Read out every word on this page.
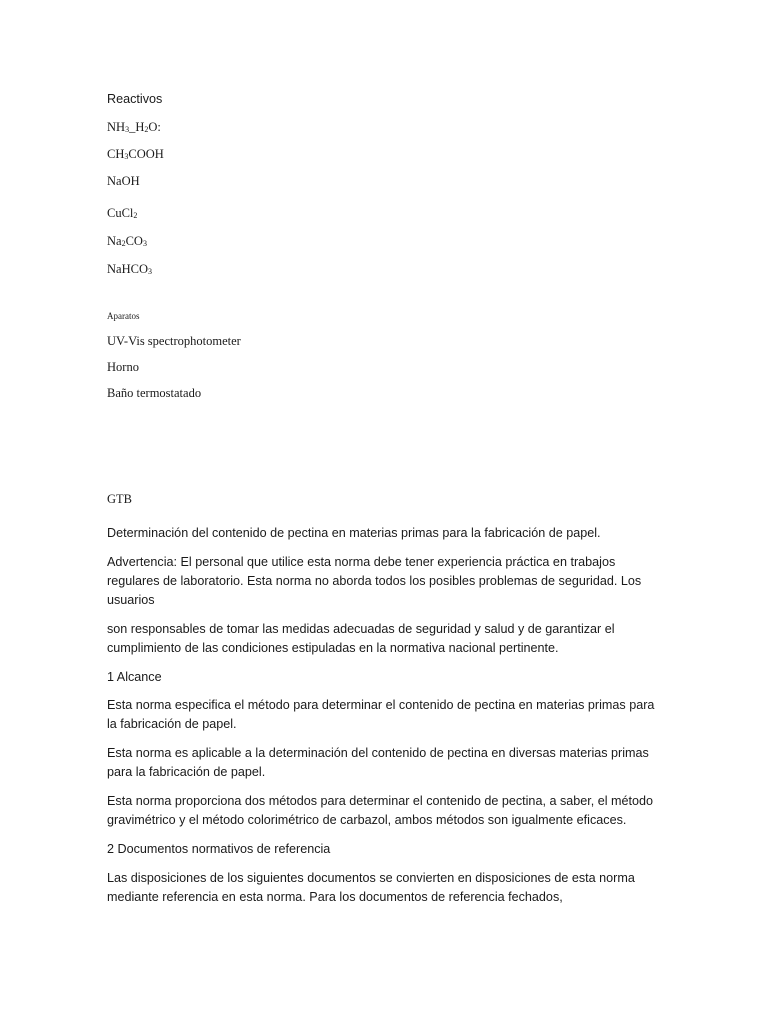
Reactivos

$NH_3\_H_2O$:

$CH_3COOH$

NaOH

CuCl$_2$

$Na_2CO_3$

NaHCO$_3$

Aparatos

UV-Vis spectrophotometer

Horno

Baño termostatado

GTB

Determinación del contenido de pectina en materias primas para la fabricación de papel.

Advertencia: El personal que utilice esta norma debe tener experiencia práctica en trabajos regulares de laboratorio. Esta norma no aborda todos los posibles problemas de seguridad. Los usuarios

son responsables de tomar las medidas adecuadas de seguridad y salud y de garantizar el cumplimiento de las condiciones estipuladas en la normativa nacional pertinente.

1 Alcance

Esta norma especifica el método para determinar el contenido de pectina en materias primas para la fabricación de papel.

Esta norma es aplicable a la determinación del contenido de pectina en diversas materias primas para la fabricación de papel.

Esta norma proporciona dos métodos para determinar el contenido de pectina, a saber, el método gravimétrico y el método colorimétrico de carbazol, ambos métodos son igualmente eficaces.

2 Documentos normativos de referencia

Las disposiciones de los siguientes documentos se convierten en disposiciones de esta norma mediante referencia en esta norma. Para los documentos de referencia fechados,
